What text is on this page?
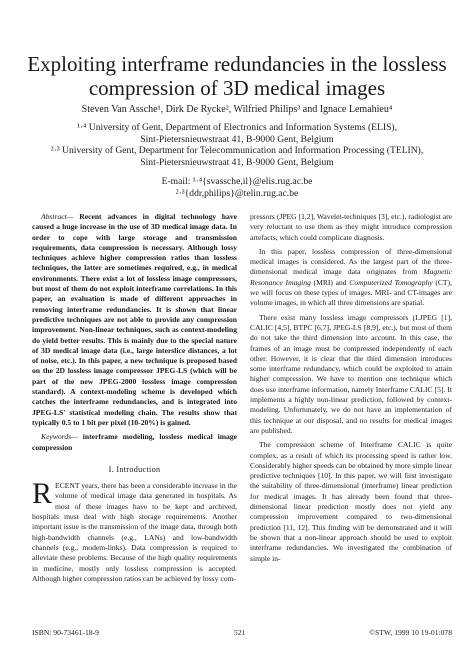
Exploiting interframe redundancies in the lossless compression of 3D medical images
Steven Van Assche¹, Dirk De Rycke², Wilfried Philips³ and Ignace Lemahieu⁴

¹·⁴ University of Gent, Department of Electronics and Information Systems (ELIS),

Sint-Pietersnieuwstraat 41, B-9000 Gent, Belgium

²·³ University of Gent, Department for Telecommunication and Information Processing (TELIN),

Sint-Pietersnieuwstraat 41, B-9000 Gent, Belgium

E-mail: ¹·⁴{svassche,il}@elis.rug.ac.be

²·³{ddr,philips}@telin.rug.ac.be

Abstract— Recent advances in digital technology have caused a huge increase in the use of 3D medical image data. In order to cope with large storage and transmission requirements, data compression is necessary. Although lossy techniques achieve higher compression ratios than lossless techniques, the latter are sometimes required, e.g., in medical environments. There exist a lot of lossless image compressors, but most of them do not exploit interframe correlations. In this paper, an evaluation is made of different approaches in removing interframe redundancies. It is shown that linear predictive techniques are not able to provide any compression improvement. Non-linear techniques, such as context-modeling do yield better results. This is mainly due to the special nature of 3D medical image data (i.e., large interslice distances, a lot of noise, etc.). In this paper, a new technique is proposed based on the 2D lossless image compressor JPEG-LS (which will be part of the new JPEG-2000 lossless image compression standard). A context-modeling scheme is developed which catches the interframe redundancies, and is integrated into JPEG-LS' statistical modeling chain. The results show that typically 0.5 to 1 bit per pixel (10-20%) is gained.

Keywords— interframe modeling, lossless medical image compression

I. Introduction

RECENT years, there has been a considerable increase in the volume of medical image data generated in hospitals. As most of these images have to be kept and archived, hospitals must deal with high storage requirements. Another important issue is the transmission of the image data, through both high-bandwidth channels (e.g., LANs) and low-bandwidth channels (e.g., modem-links). Data compression is required to alleviate these problems. Because of the high quality requirements in medicine, mostly only lossless compression is accepted. Although higher compression ratios can be achieved by lossy com-

pressors (JPEG [1,2], Wavelet-techniques [3], etc.), radiologist are very reluctant to use them as they might introduce compression artefacts, which could complicate diagnosis.

In this paper, lossless compression of three-dimensional medical images is considered. As the largest part of the three-dimensional medical image data originates from Magnetic Resonance Imaging (MRI) and Computerized Tomography (CT), we will focus on these types of images. MRI- and CT-images are volume images, in which all three dimensions are spatial.

There exist many lossless image compressors (LJPEG [1], CALIC [4,5], BTPC [6,7], JPEG-LS [8,9], etc.), but most of them do not take the third dimension into account. In this case, the frames of an image must be compressed independently of each other. However, it is clear that the third dimension introduces some interframe redundancy, which could be exploited to attain higher compression. We have to mention one technique which does use interframe information, namely Interframe CALIC [5]. It implements a highly non-linear prediction, followed by context-modeling. Unfortunately, we do not have an implementation of this technique at our disposal, and no results for medical images are published.

The compression scheme of Interframe CALIC is quite complex, as a result of which its processing speed is rather low. Considerably higher speeds can be obtained by more simple linear predictive techniques [10]. In this paper, we will first investigate the suitability of three-dimensional (interframe) linear prediction for medical images. It has already been found that three-dimensional linear prediction mostly does not yield any compression improvement compared to two-dimensional prediction [11, 12]. This finding will be demonstrated and it will be shown that a non-linear approach should be used to exploit interframe redundancies. We investigated the combination of simple in-

ISBN: 90-73461-18-9	521	©STW, 1999 10 19-01:078
